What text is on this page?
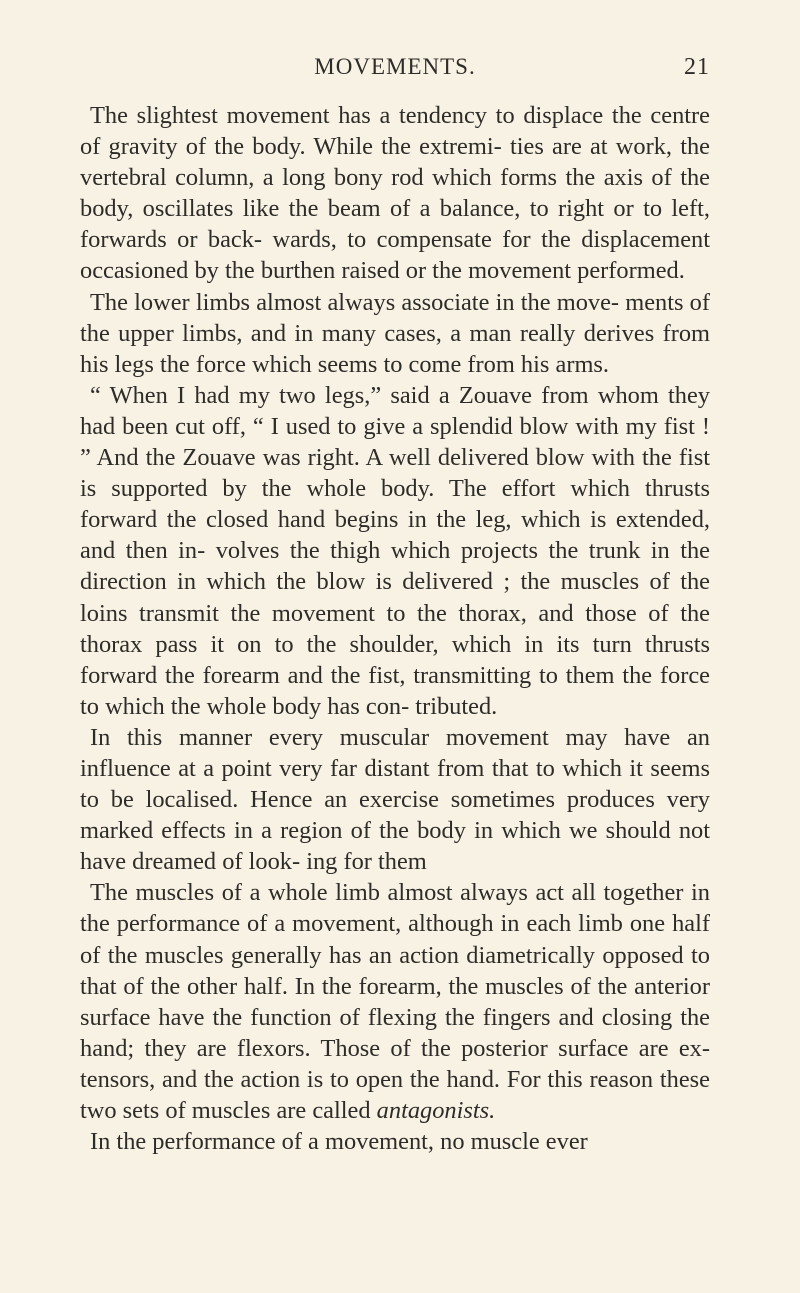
MOVEMENTS.	21

The slightest movement has a tendency to displace the centre of gravity of the body. While the extremi- ties are at work, the vertebral column, a long bony rod which forms the axis of the body, oscillates like the beam of a balance, to right or to left, forwards or back- wards, to compensate for the displacement occasioned by the burthen raised or the movement performed.

The lower limbs almost always associate in the move- ments of the upper limbs, and in many cases, a man really derives from his legs the force which seems to come from his arms.

“ When I had my two legs,” said a Zouave from whom they had been cut off, “ I used to give a splendid blow with my fist ! ” And the Zouave was right. A well delivered blow with the fist is supported by the whole body. The effort which thrusts forward the closed hand begins in the leg, which is extended, and then in- volves the thigh which projects the trunk in the direction in which the blow is delivered ; the muscles of the loins transmit the movement to the thorax, and those of the thorax pass it on to the shoulder, which in its turn thrusts forward the forearm and the fist, transmitting to them the force to which the whole body has con- tributed.

In this manner every muscular movement may have an influence at a point very far distant from that to which it seems to be localised. Hence an exercise sometimes produces very marked effects in a region of the body in which we should not have dreamed of look- ing for them

The muscles of a whole limb almost always act all together in the performance of a movement, although in each limb one half of the muscles generally has an action diametrically opposed to that of the other half. In the forearm, the muscles of the anterior surface have the function of flexing the fingers and closing the hand; they are flexors. Those of the posterior surface are ex- tensors, and the action is to open the hand. For this reason these two sets of muscles are called antagonists.

In the performance of a movement, no muscle ever
